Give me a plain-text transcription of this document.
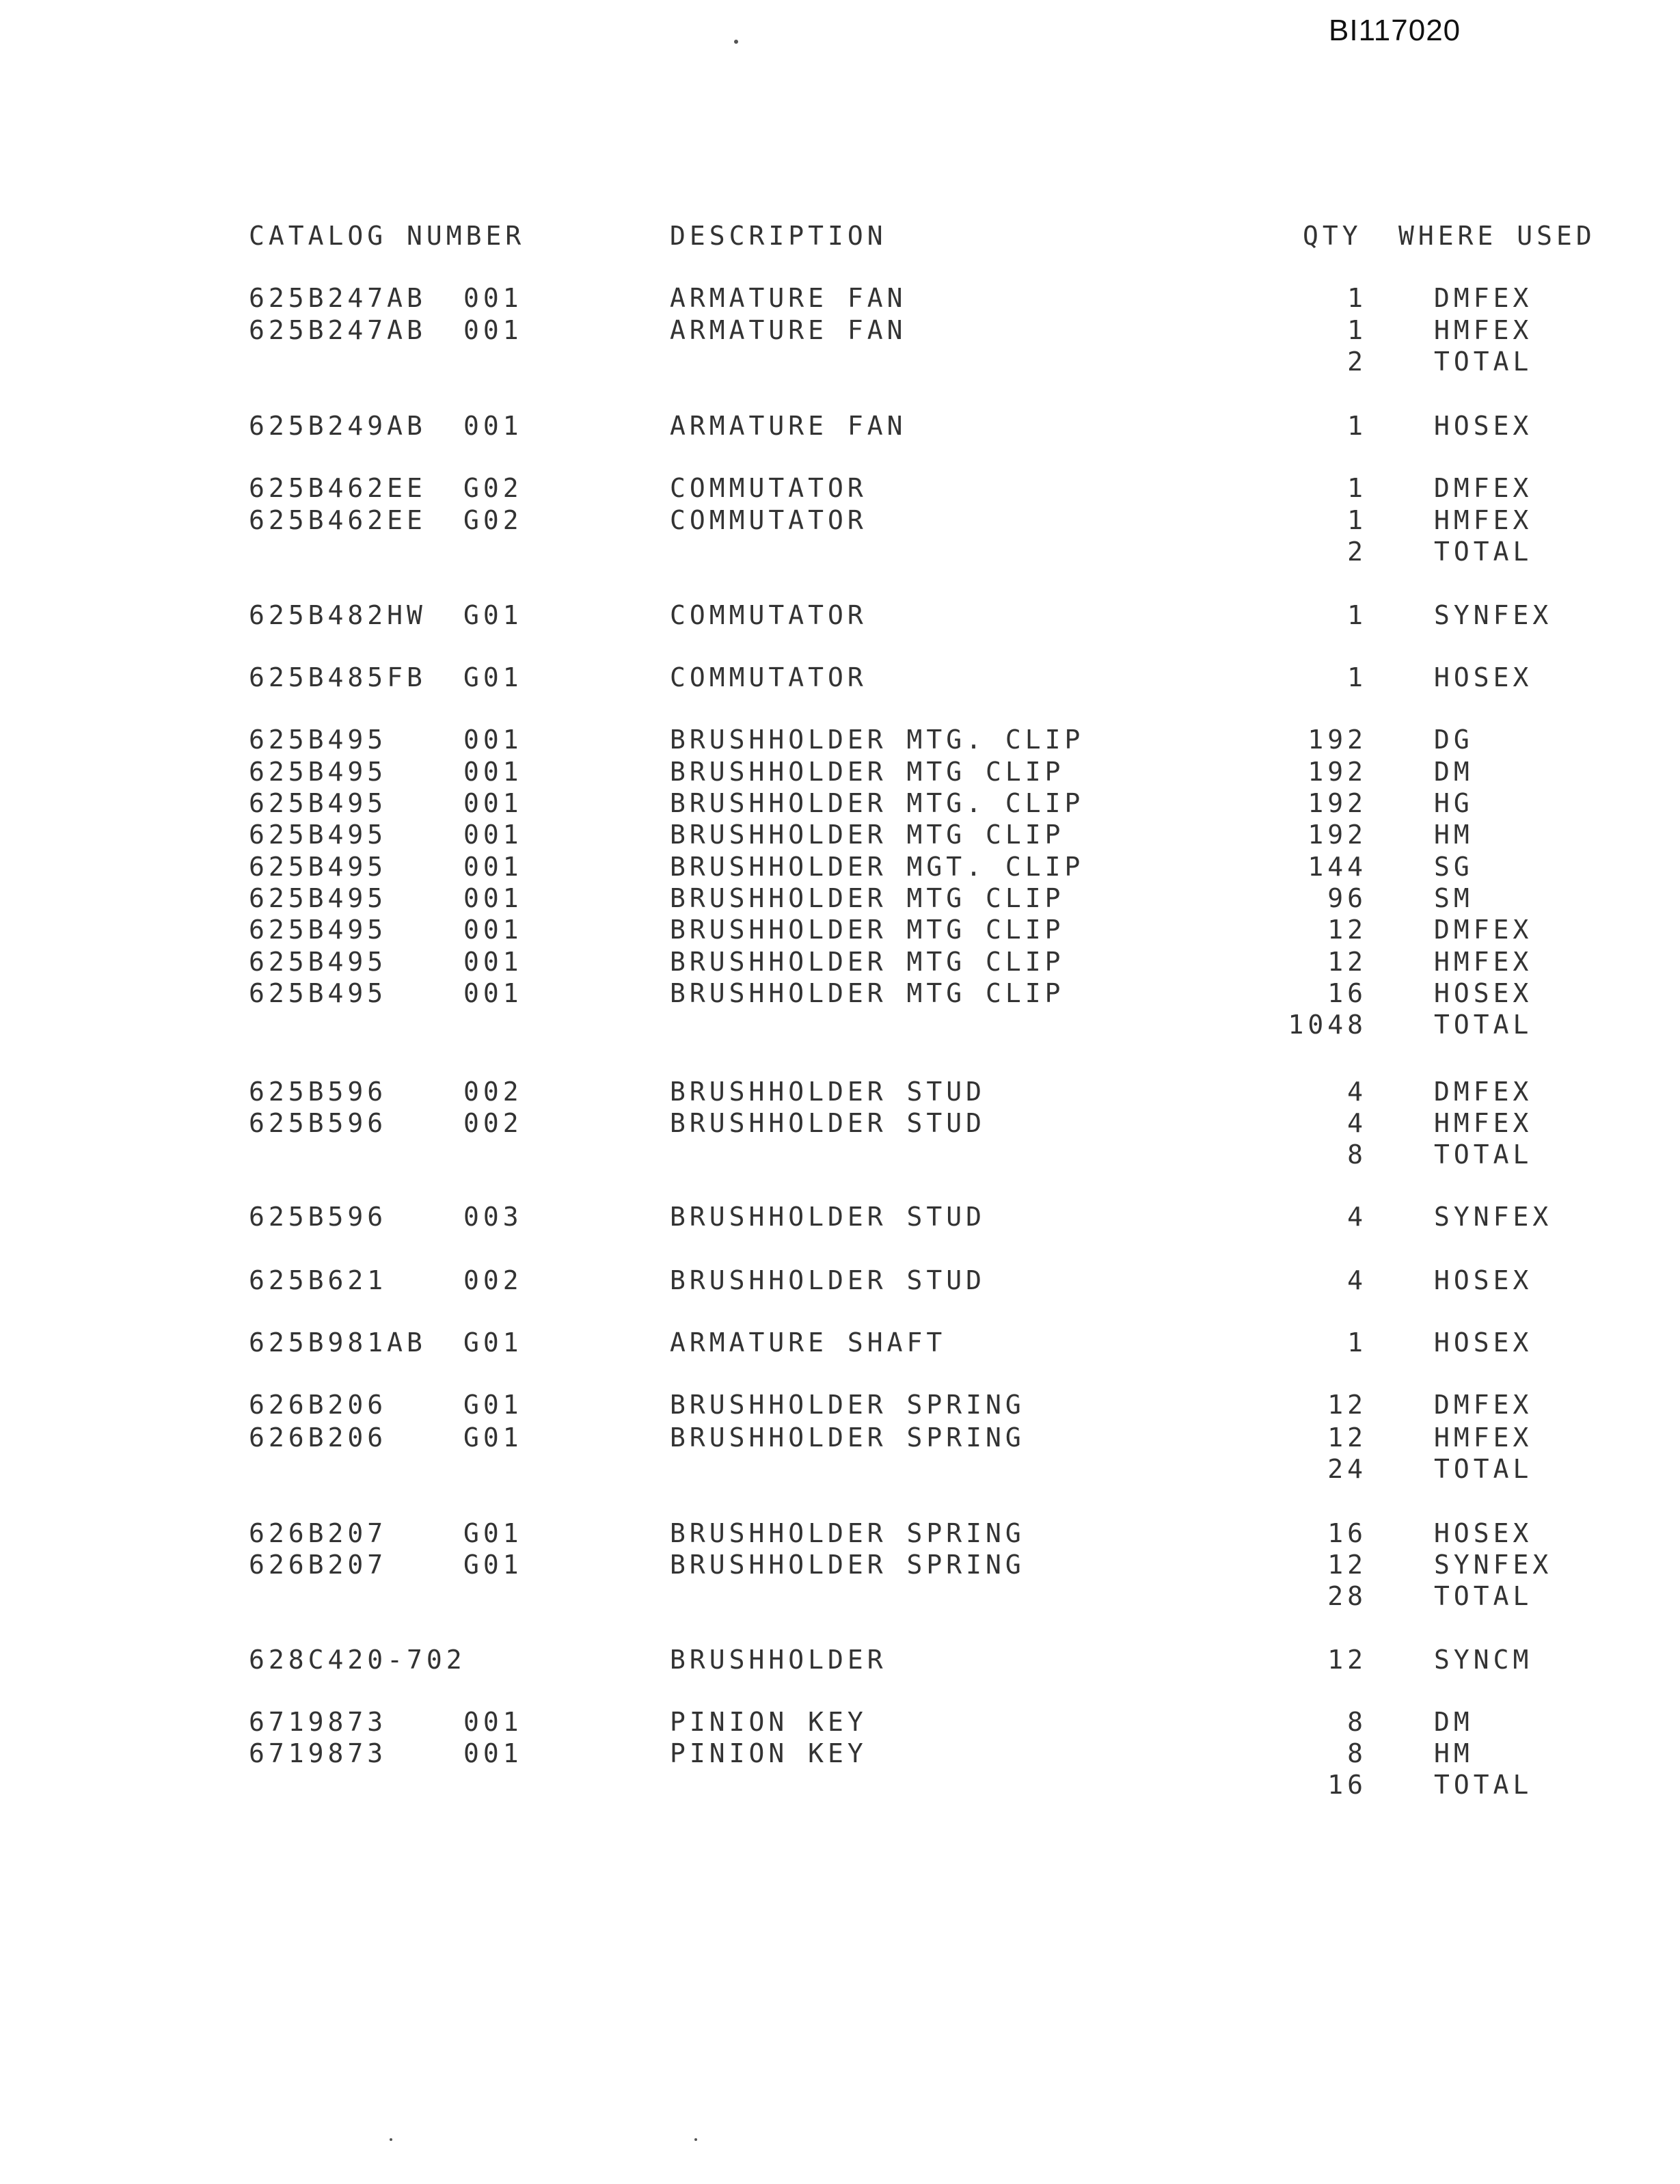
BI117020
CATALOG NUMBER	DESCRIPTION	QTY WHERE USED
625B247AB 001	ARMATURE FAN	1	DMFEX
625B247AB 001	ARMATURE FAN	1	HMFEX
2	TOTAL
625B249AB 001	ARMATURE FAN	1	HOSEX
625B462EE G02	COMMUTATOR	1	DMFEX
625B462EE G02	COMMUTATOR	1	HMFEX
2	TOTAL
625B482HW G01	COMMUTATOR	1	SYNFEX
625B485FB G01	COMMUTATOR	1	HOSEX
625B495	001	BRUSHHOLDER MTG. CLIP	192	DG
625B495	001	BRUSHHOLDER MTG CLIP	192	DM
625B495	001	BRUSHHOLDER MTG. CLIP	192	HG
625B495	001	BRUSHHOLDER MTG CLIP	192	HM
625B495	001	BRUSHHOLDER MGT. CLIP	144	SG
625B495	001	BRUSHHOLDER MTG CLIP	96	SM
625B495	001	BRUSHHOLDER MTG CLIP	12	DMFEX
625B495	001	BRUSHHOLDER MTG CLIP	12	HMFEX
625B495	001	BRUSHHOLDER MTG CLIP	16	HOSEX
1048	TOTAL
625B596	002	BRUSHHOLDER STUD	4	DMFEX
625B596	002	BRUSHHOLDER STUD	4	HMFEX
8	TOTAL
625B596	003	BRUSHHOLDER STUD	4	SYNFEX
625B621	002	BRUSHHOLDER STUD	4	HOSEX
625B981AB G01	ARMATURE SHAFT	1	HOSEX
626B206	G01	BRUSHHOLDER SPRING	12	DMFEX
626B206	G01	BRUSHHOLDER SPRING	12	HMFEX
24	TOTAL
626B207	G01	BRUSHHOLDER SPRING	16	HOSEX
626B207	G01	BRUSHHOLDER SPRING	12	SYNFEX
28	TOTAL
628C420-702	BRUSHHOLDER	12	SYNCM
6719873	001	PINION KEY	8	DM
6719873	001	PINION KEY	8	HM
16	TOTAL
